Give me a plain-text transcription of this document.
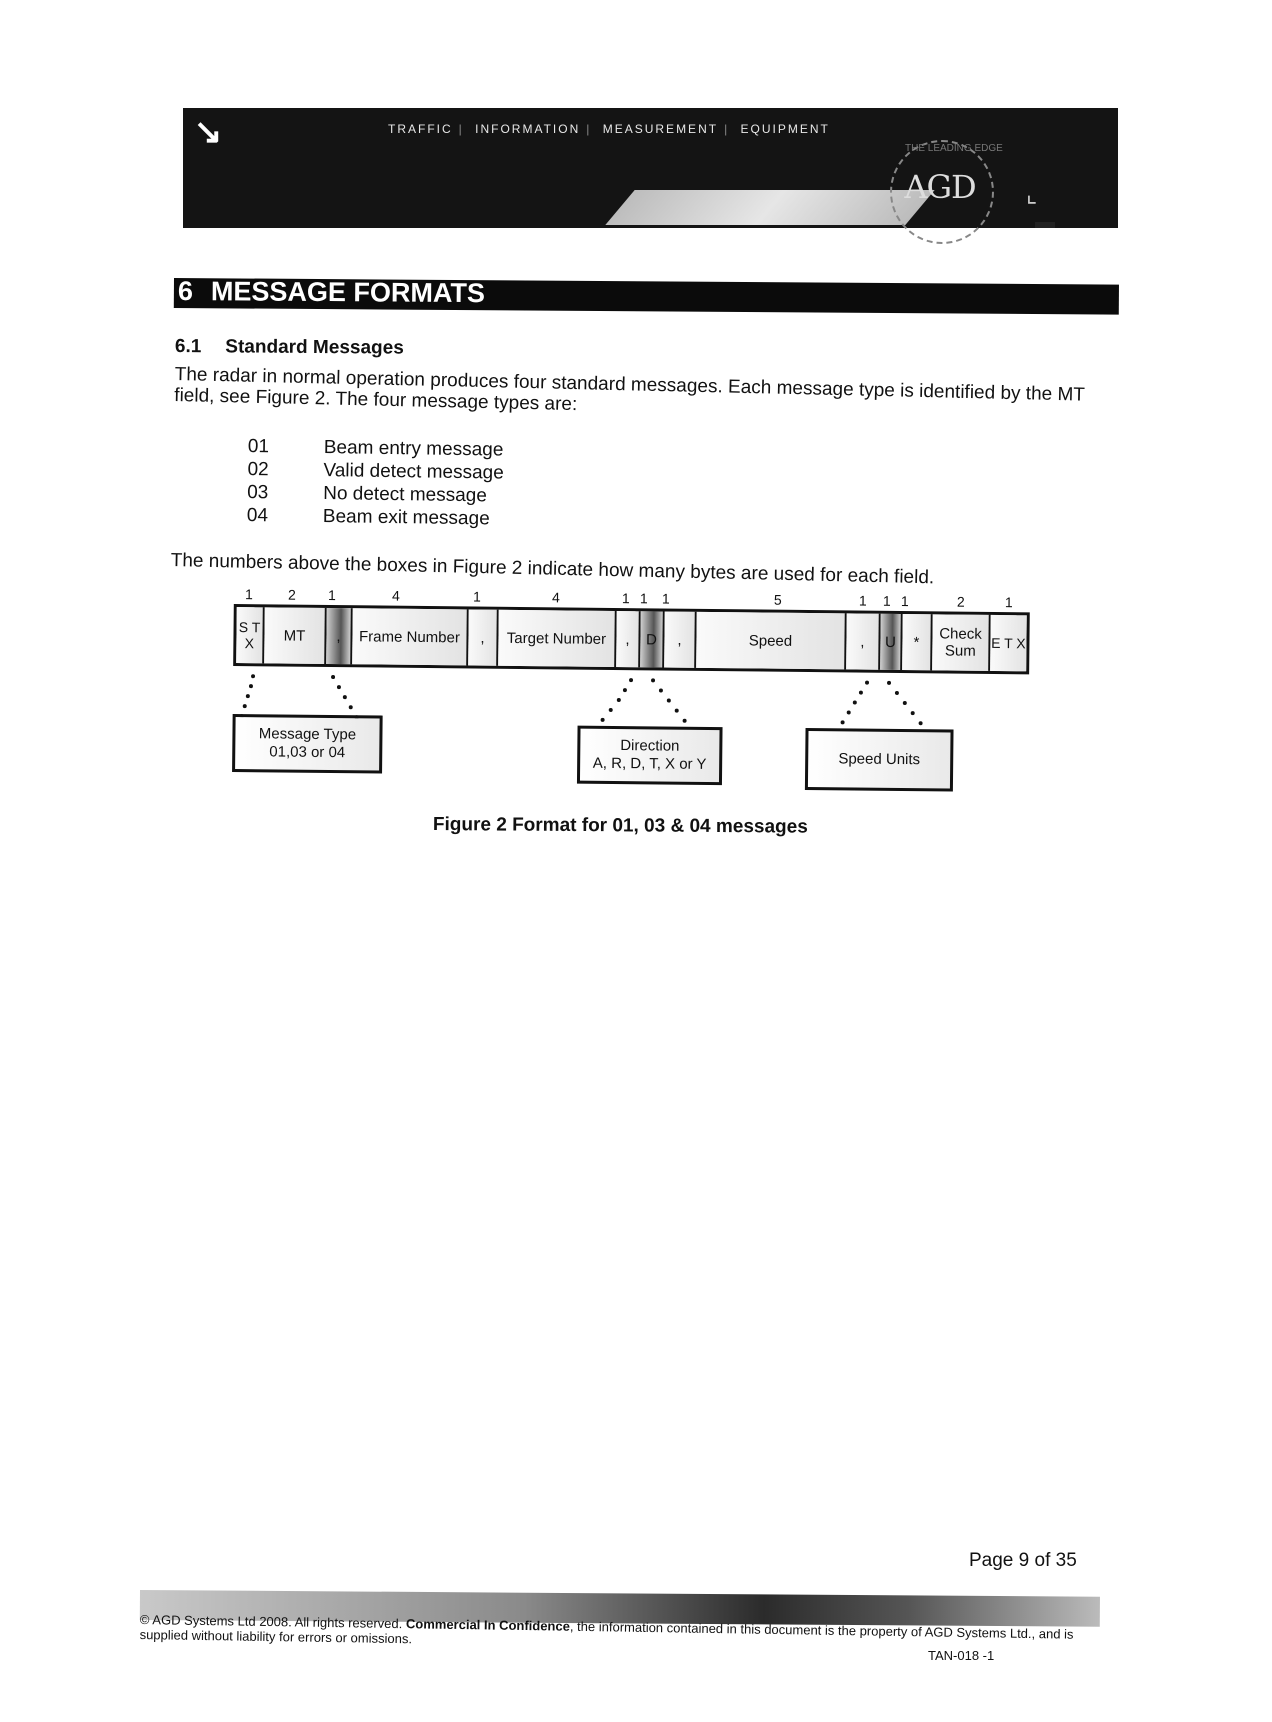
↘	TRAFFIC | INFORMATION | MEASUREMENT | EQUIPMENT
THE LEADING EDGE
AGD	⌞
6 MESSAGE FORMATS
6.1 Standard Messages
The radar in normal operation produces four standard messages. Each message type is identified by the MT field, see Figure 2. The four message types are:
01	Beam entry message
02	Valid detect message
03	No detect message
04	Beam exit message
The numbers above the boxes in Figure 2 indicate how many bytes are used for each field.
1	2	1	4	1	4	1 1	1	5	1	1 1	2	1
S T X	MT	,	Frame Number	,	Target Number	,	D	,	Speed	,	U	*	Check Sum	E T X
Message Type
01,03 or 04	Direction
A, R, D, T, X or Y	Speed Units
Figure 2 Format for 01, 03 & 04 messages
Page 9 of 35
© AGD Systems Ltd 2008. All rights reserved. Commercial In Confidence, the information contained in this document is the property of AGD Systems Ltd., and is supplied without liability for errors or omissions.
TAN-018 -1
